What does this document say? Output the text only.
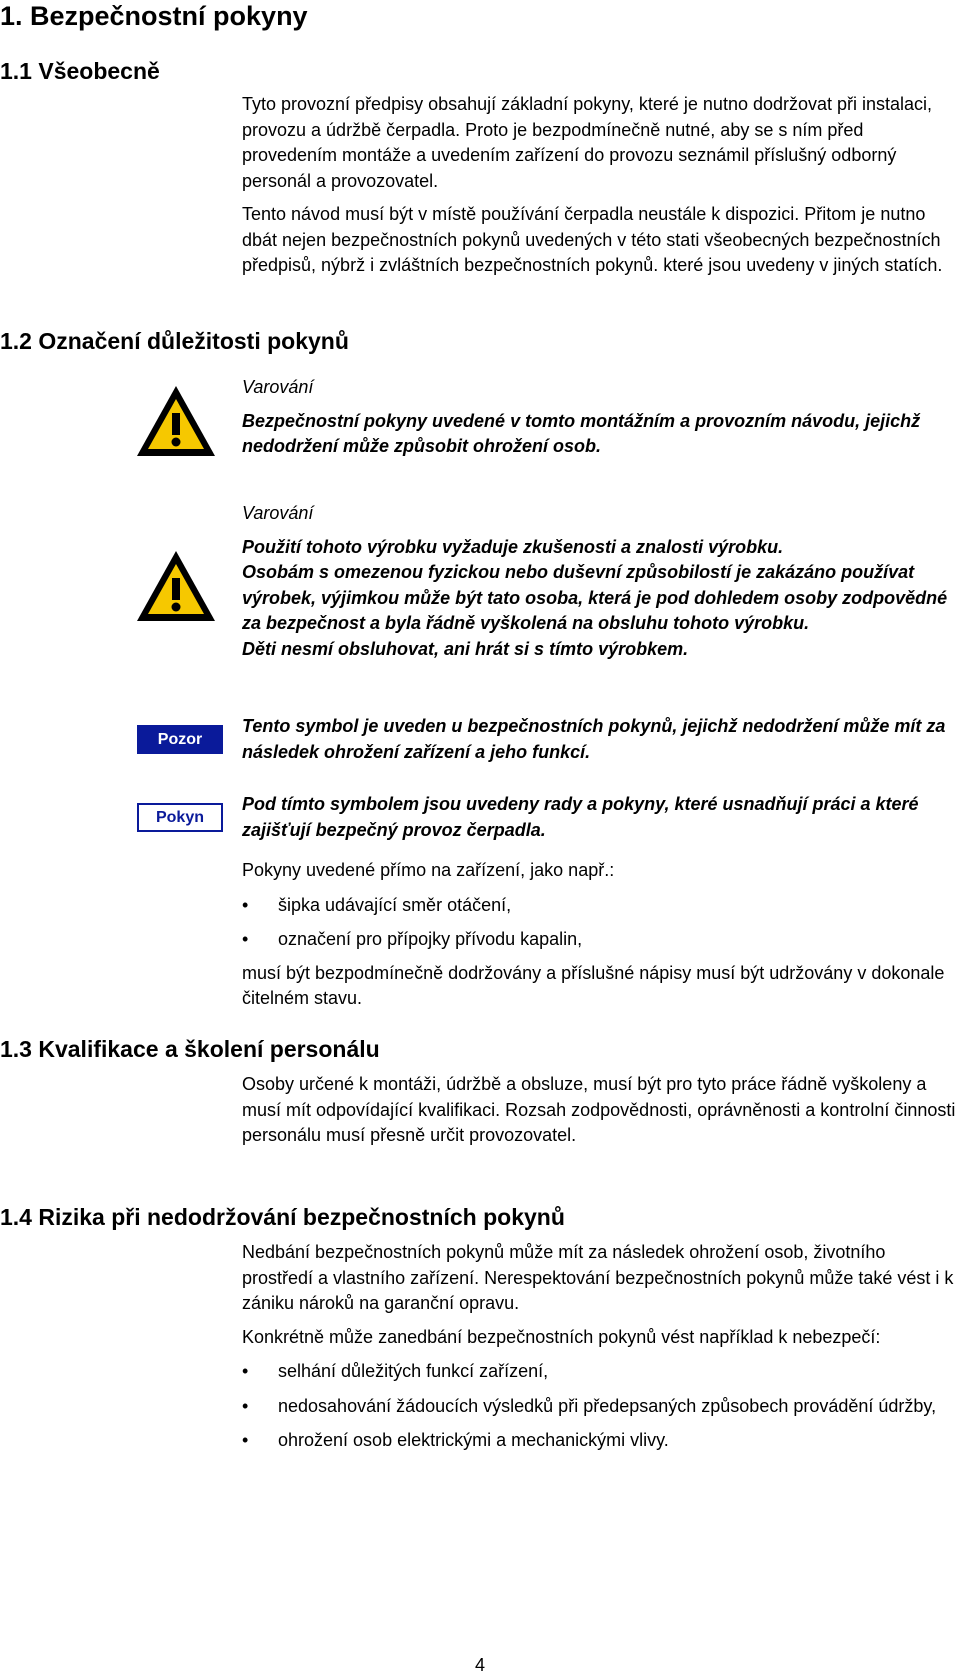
1. Bezpečnostní pokyny
1.1 Všeobecně

Tyto provozní předpisy obsahují základní pokyny, které je nutno dodržovat při instalaci, provozu a údržbě čerpadla. Proto je bezpodmínečně nutné, aby se s ním před provedením montáže a uvedením zařízení do provozu seznámil příslušný odborný personál a provozovatel.

Tento návod musí být v místě používání čerpadla neustále k dispozici. Přitom je nutno dbát nejen bezpečnostních pokynů uvedených v této stati všeobecných bezpečnostních předpisů, nýbrž i zvláštních bezpečnostních pokynů. které jsou uvedeny v jiných statích.

1.2 Označení důležitosti pokynů

Varování

Bezpečnostní pokyny uvedené v tomto montážním a provozním návodu, jejichž nedodržení může způsobit ohrožení osob.

Varování

Použití tohoto výrobku vyžaduje zkušenosti a znalosti výrobku.

Osobám s omezenou fyzickou nebo duševní způsobilostí je zakázáno používat výrobek, výjimkou může být tato osoba, která je pod dohledem osoby zodpovědné za bezpečnost a byla řádně vyškolená na obsluhu tohoto výrobku.

Děti nesmí obsluhovat, ani hrát si s tímto výrobkem.

Pozor

Tento symbol je uveden u bezpečnostních pokynů, jejichž nedodržení může mít za následek ohrožení zařízení a jeho funkcí.

Pokyn

Pod tímto symbolem jsou uvedeny rady a pokyny, které usnadňují práci a které zajišťují bezpečný provoz čerpadla.

Pokyny uvedené přímo na zařízení, jako např.:

•	šipka udávající směr otáčení,
•	označení pro přípojky přívodu kapalin,

musí být bezpodmínečně dodržovány a příslušné nápisy musí být udržovány v dokonale čitelném stavu.

1.3 Kvalifikace a školení personálu

Osoby určené k montáži, údržbě a obsluze, musí být pro tyto práce řádně vyškoleny a musí mít odpovídající kvalifikaci. Rozsah zodpovědnosti, oprávněnosti a kontrolní činnosti personálu musí přesně určit provozovatel.

1.4 Rizika při nedodržování bezpečnostních pokynů

Nedbání bezpečnostních pokynů může mít za následek ohrožení osob, životního prostředí a vlastního zařízení. Nerespektování bezpečnostních pokynů může také vést i k zániku nároků na garanční opravu.

Konkrétně může zanedbání bezpečnostních pokynů vést například k nebezpečí:

•	selhání důležitých funkcí zařízení,
•	nedosahování žádoucích výsledků při předepsaných způsobech provádění údržby,
•	ohrožení osob elektrickými a mechanickými vlivy.
4
